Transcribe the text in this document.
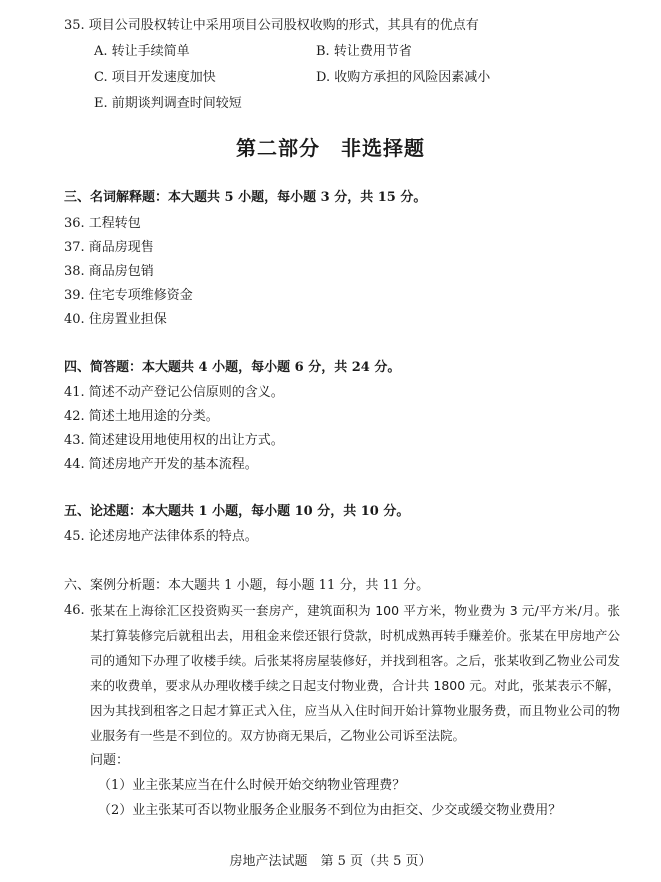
35. 项目公司股权转让中采用项目公司股权收购的形式，其具有的优点有
A. 转让手续简单	B. 转让费用节省
C. 项目开发速度加快	D. 收购方承担的风险因素减小
E. 前期谈判调查时间较短
第二部分　非选择题
三、名词解释题：本大题共 5 小题，每小题 3 分，共 15 分。
36. 工程转包
37. 商品房现售
38. 商品房包销
39. 住宅专项维修资金
40. 住房置业担保
四、简答题：本大题共 4 小题，每小题 6 分，共 24 分。
41. 简述不动产登记公信原则的含义。
42. 简述土地用途的分类。
43. 简述建设用地使用权的出让方式。
44. 简述房地产开发的基本流程。
五、论述题：本大题共 1 小题，每小题 10 分，共 10 分。
45. 论述房地产法律体系的特点。
六、案例分析题：本大题共 1 小题，每小题 11 分，共 11 分。
46. 张某在上海徐汇区投资购买一套房产，建筑面积为 100 平方米，物业费为 3 元/平方米/月。张某打算装修完后就租出去，用租金来偿还银行贷款，时机成熟再转手赚差价。张某在甲房地产公司的通知下办理了收楼手续。后张某将房屋装修好，并找到租客。之后，张某收到乙物业公司发来的收费单，要求从办理收楼手续之日起支付物业费，合计共 1800 元。对此，张某表示不解，因为其找到租客之日起才算正式入住，应当从入住时间开始计算物业服务费，而且物业公司的物业服务有一些是不到位的。双方协商无果后，乙物业公司诉至法院。
问题：
（1）业主张某应当在什么时候开始交纳物业管理费？
（2）业主张某可否以物业服务企业服务不到位为由拒交、少交或缓交物业费用？
房地产法试题　第 5 页（共 5 页）
